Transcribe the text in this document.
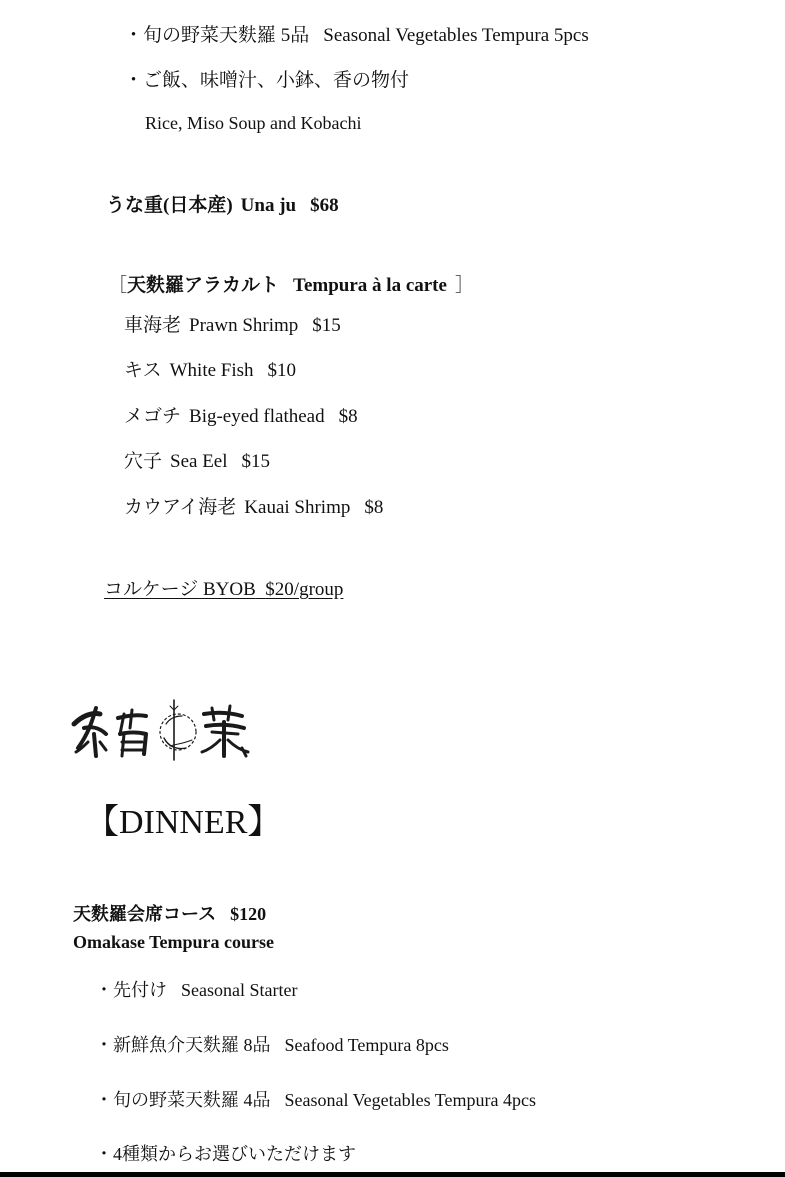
・旬の野菜天麩羅 5品 Seasonal Vegetables Tempura 5pcs
・ご飯、味噌汁、小鉢、香の物付
Rice, Miso Soup and Kobachi
うな重(日本産) Una ju $68
［天麩羅アラカルト Tempura à la carte ］
車海老 Prawn Shrimp $15
キス White Fish $10
メゴチ Big-eyed flathead $8
穴子 Sea Eel $15
カウアイ海老 Kauai Shrimp $8
コルケージ BYOB $20/group
【DINNER】
天麩羅会席コース $120
Omakase Tempura course
・先付け Seasonal Starter
・新鮮魚介天麩羅 8品 Seafood Tempura 8pcs
・旬の野菜天麩羅 4品 Seasonal Vegetables Tempura 4pcs
・4種類からお選びいただけます
